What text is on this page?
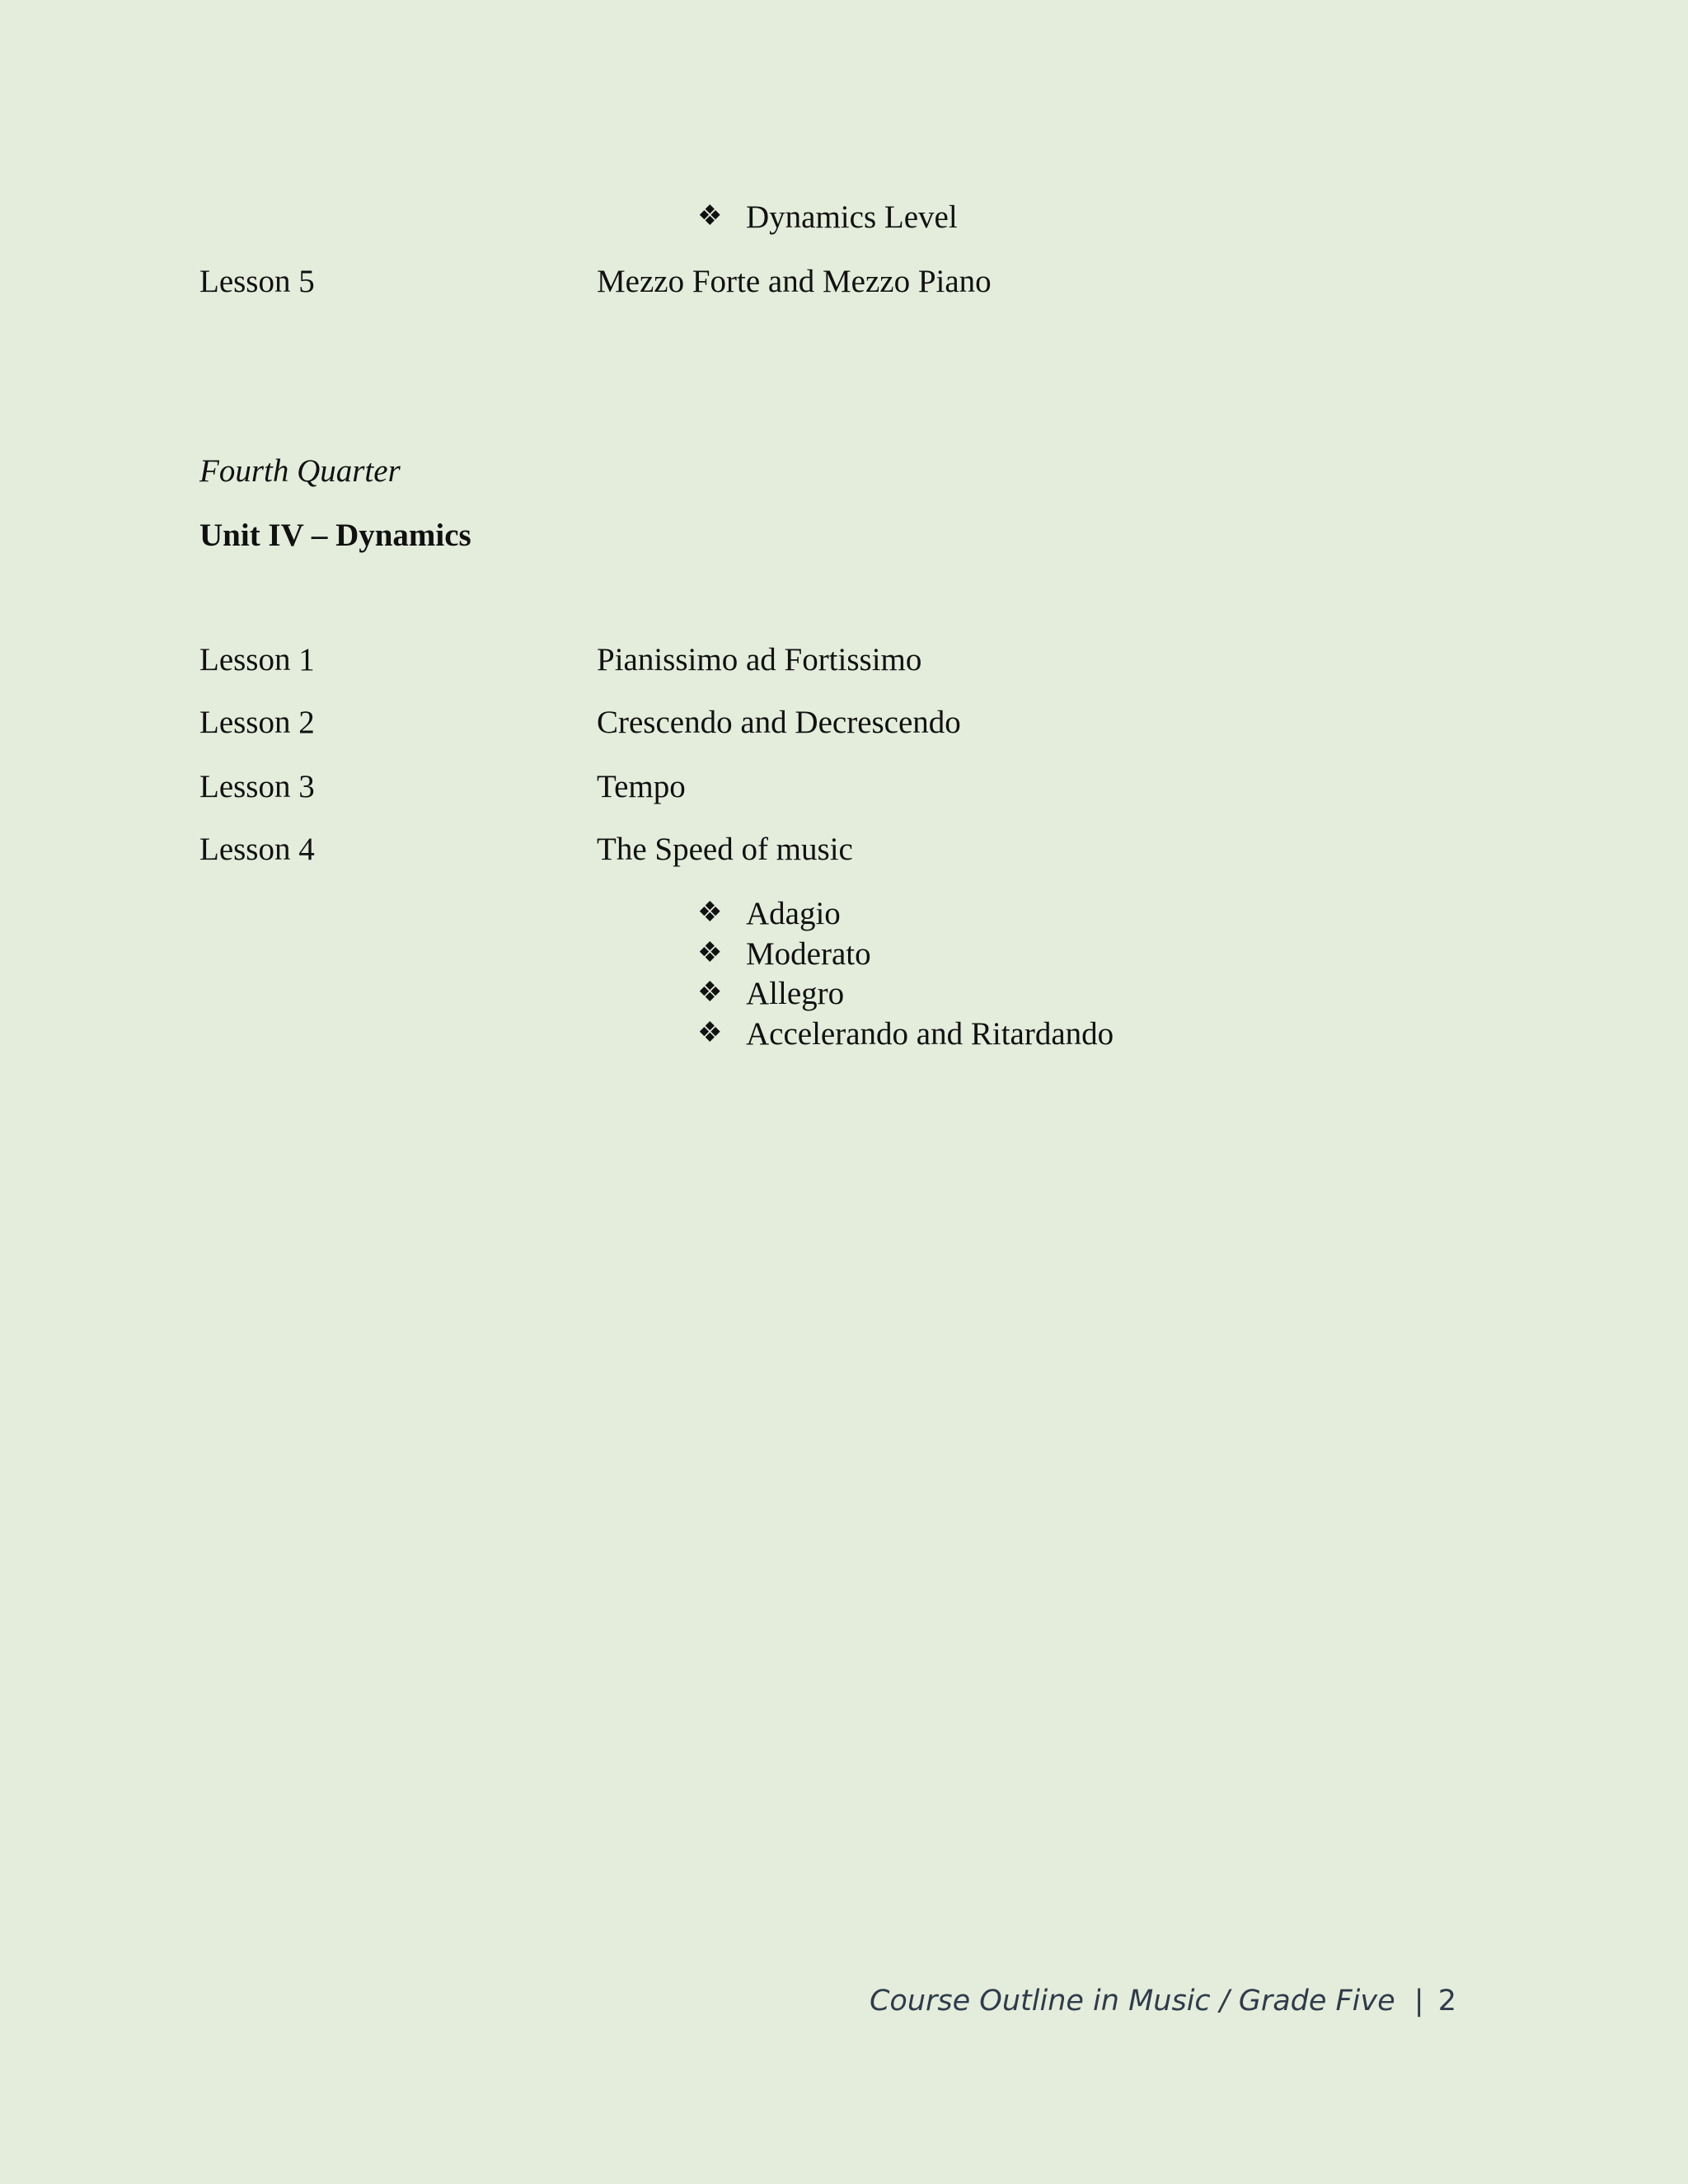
❖ Dynamics Level
Lesson 5	Mezzo Forte and Mezzo Piano
Fourth Quarter
Unit IV – Dynamics
Lesson 1	Pianissimo ad Fortissimo
Lesson 2	Crescendo and Decrescendo
Lesson 3	Tempo
Lesson 4	The Speed of music
❖ Adagio
❖ Moderato
❖ Allegro
❖ Accelerando and Ritardando
Course Outline in Music / Grade Five | 2
